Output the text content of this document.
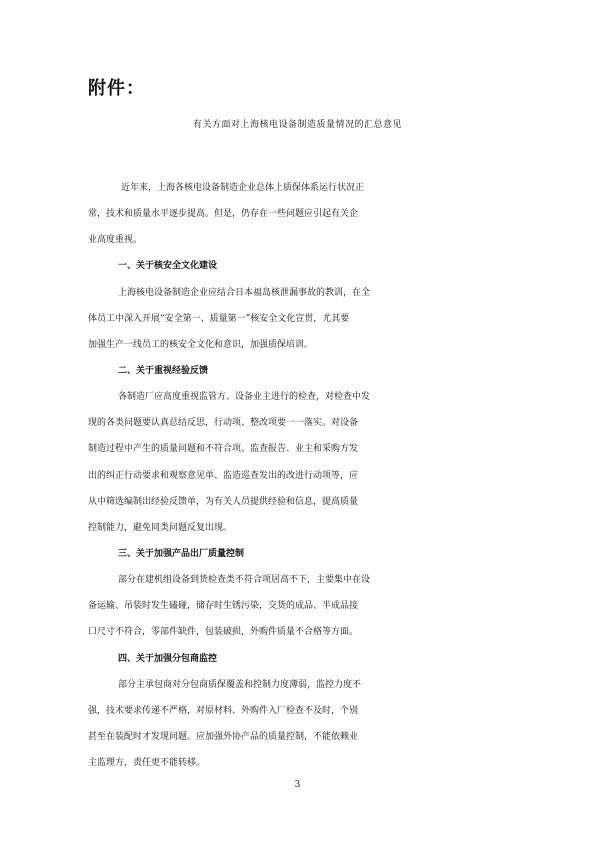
附件：
有关方面对上海核电设备制造质量情况的汇总意见
近年来，上海各核电设备制造企业总体上质保体系运行状况正
常，技术和质量水平逐步提高。但是，仍存在一些问题应引起有关企
业高度重视。
一、关于核安全文化建设
上海核电设备制造企业应结合日本福岛核泄漏事故的教训，在全
体员工中深入开展“安全第一、质量第一”核安全文化宣贯，尤其要
加强生产一线员工的核安全文化和意识，加强质保培训。
二、关于重视经验反馈
各制造厂应高度重视监管方、设备业主进行的检查，对检查中发
现的各类问题要认真总结反思，行动项、整改项要一一落实。对设备
制造过程中产生的质量问题和不符合项、监查报告、业主和采购方发
出的纠正行动要求和观察意见单、监造巡查发出的改进行动项等，应
从中筛选编制出经验反馈单，为有关人员提供经验和信息，提高质量
控制能力，避免同类问题反复出现。
三、关于加强产品出厂质量控制
部分在建机组设备到货检查类不符合项居高不下，主要集中在设
备运输、吊装时发生磕碰，储存时生锈污染，交货的成品、半成品接
口尺寸不符合，零部件缺件，包装破损，外购件质量不合格等方面。
四、关于加强分包商监控
部分主承包商对分包商质保覆盖和控制力度薄弱，监控力度不
强，技术要求传递不严格，对原材料、外购件入厂检查不及时，个别
甚至在装配时才发现问题。应加强外协产品的质量控制，不能依赖业
主监理方，责任更不能转移。
3
